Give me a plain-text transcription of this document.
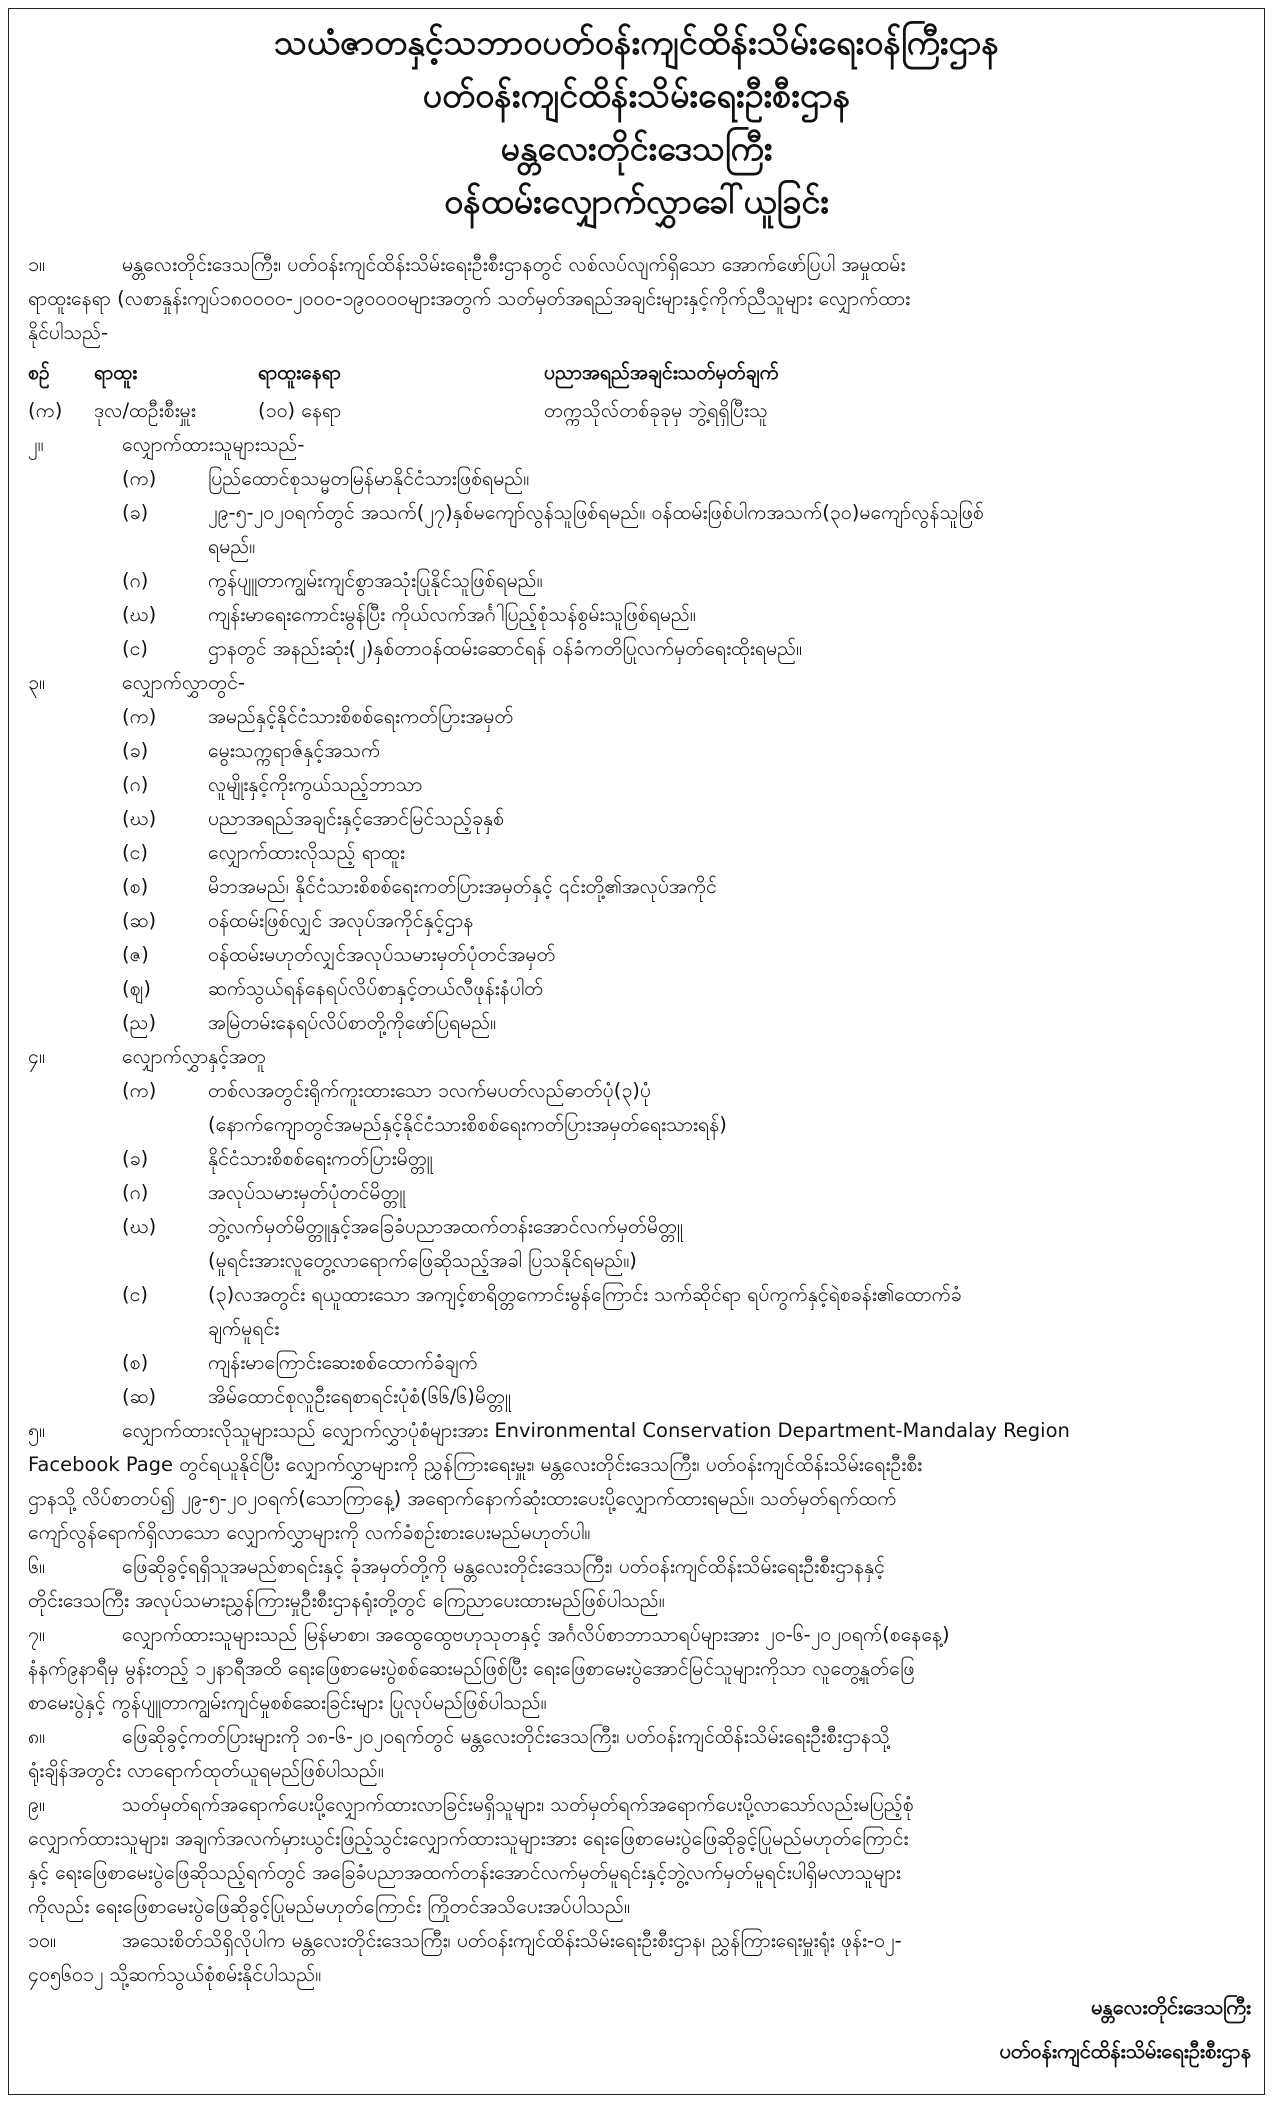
သယံဇာတနှင့်သဘာဝပတ်ဝန်းကျင်ထိန်းသိမ်းရေးဝန်ကြီးဌာန
ပတ်ဝန်းကျင်ထိန်းသိမ်းရေးဦးစီးဌာန
မန္တလေးတိုင်းဒေသကြီး
ဝန်ထမ်းလျှောက်လွှာခေါ်ယူခြင်း
၁။	မန္တလေးတိုင်းဒေသကြီး၊ ပတ်ဝန်းကျင်ထိန်းသိမ်းရေးဦးစီးဌာနတွင် လစ်လပ်လျက်ရှိသော အောက်ဖော်ပြပါ အမှုထမ်း
ရာထူးနေရာ (လစာနှုန်းကျပ်၁၈၀၀၀၀-၂၀၀၀-၁၉၀၀၀၀များအတွက် သတ်မှတ်အရည်အချင်းများနှင့်ကိုက်ညီသူများ လျှောက်ထား
နိုင်ပါသည်-
စဉ်	ရာထူး	ရာထူးနေရာ	ပညာအရည်အချင်းသတ်မှတ်ချက်
(က)	ဒုလ/ထဦးစီးမှူး	(၁၀) နေရာ	တက္ကသိုလ်တစ်ခုခုမှ ဘွဲ့ရရှိပြီးသူ
၂။	လျှောက်ထားသူများသည်-
(က)	ပြည်ထောင်စုသမ္မတမြန်မာနိုင်ငံသားဖြစ်ရမည်။
(ခ)	၂၉-၅-၂၀၂၀ရက်တွင် အသက်(၂၇)နှစ်မကျော်လွန်သူဖြစ်ရမည်။ ဝန်ထမ်းဖြစ်ပါကအသက်(၃၀)မကျော်လွန်သူဖြစ်
ရမည်။
(ဂ)	ကွန်ပျူတာကျွမ်းကျင်စွာအသုံးပြုနိုင်သူဖြစ်ရမည်။
(ဃ)	ကျန်းမာရေးကောင်းမွန်ပြီး ကိုယ်လက်အင်္ဂါပြည့်စုံသန်စွမ်းသူဖြစ်ရမည်။
(င)	ဌာနတွင် အနည်းဆုံး(၂)နှစ်တာဝန်ထမ်းဆောင်ရန် ဝန်ခံကတိပြုလက်မှတ်ရေးထိုးရမည်။
၃။	လျှောက်လွှာတွင်-
(က)	အမည်နှင့်နိုင်ငံသားစိစစ်ရေးကတ်ပြားအမှတ်
(ခ)	မွေးသက္ကရာဇ်နှင့်အသက်
(ဂ)	လူမျိုးနှင့်ကိုးကွယ်သည့်ဘာသာ
(ဃ)	ပညာအရည်အချင်းနှင့်အောင်မြင်သည့်ခုနှစ်
(င)	လျှောက်ထားလိုသည့် ရာထူး
(စ)	မိဘအမည်၊ နိုင်ငံသားစိစစ်ရေးကတ်ပြားအမှတ်နှင့် ၎င်းတို့၏အလုပ်အကိုင်
(ဆ)	ဝန်ထမ်းဖြစ်လျှင် အလုပ်အကိုင်နှင့်ဌာန
(ဇ)	ဝန်ထမ်းမဟုတ်လျှင်အလုပ်သမားမှတ်ပုံတင်အမှတ်
(ဈ)	ဆက်သွယ်ရန်နေရပ်လိပ်စာနှင့်တယ်လီဖုန်းနံပါတ်
(ည)	အမြဲတမ်းနေရပ်လိပ်စာတို့ကိုဖော်ပြရမည်။
၄။	လျှောက်လွှာနှင့်အတူ
(က)	တစ်လအတွင်းရိုက်ကူးထားသော ၁လက်မပတ်လည်ဓာတ်ပုံ(၃)ပုံ
(နောက်ကျောတွင်အမည်နှင့်နိုင်ငံသားစိစစ်ရေးကတ်ပြားအမှတ်ရေးသားရန်)
(ခ)	နိုင်ငံသားစိစစ်ရေးကတ်ပြားမိတ္တူ
(ဂ)	အလုပ်သမားမှတ်ပုံတင်မိတ္တူ
(ဃ)	ဘွဲ့လက်မှတ်မိတ္တူနှင့်အခြေခံပညာအထက်တန်းအောင်လက်မှတ်မိတ္တူ
(မူရင်းအားလူတွေ့လာရောက်ဖြေဆိုသည့်အခါ ပြသနိုင်ရမည်။)
(င)	(၃)လအတွင်း ရယူထားသော အကျင့်စာရိတ္တကောင်းမွန်ကြောင်း သက်ဆိုင်ရာ ရပ်ကွက်နှင့်ရဲစခန်း၏ထောက်ခံ
ချက်မူရင်း
(စ)	ကျန်းမာကြောင်းဆေးစစ်ထောက်ခံချက်
(ဆ)	အိမ်ထောင်စုလူဦးရေစာရင်းပုံစံ(၆၆/၆)မိတ္တူ
၅။	လျှောက်ထားလိုသူများသည် လျှောက်လွှာပုံစံများအား Environmental Conservation Department-Mandalay Region
Facebook Page တွင်ရယူနိုင်ပြီး လျှောက်လွှာများကို ညွှန်ကြားရေးမှူး၊ မန္တလေးတိုင်းဒေသကြီး၊ ပတ်ဝန်းကျင်ထိန်းသိမ်းရေးဦးစီး
ဌာနသို့ လိပ်စာတပ်၍ ၂၉-၅-၂၀၂၀ရက်(သောကြာနေ့) အရောက်နောက်ဆုံးထားပေးပို့လျှောက်ထားရမည်။ သတ်မှတ်ရက်ထက်
ကျော်လွန်ရောက်ရှိလာသော လျှောက်လွှာများကို လက်ခံစဉ်းစားပေးမည်မဟုတ်ပါ။
၆။	ဖြေဆိုခွင့်ရရှိသူအမည်စာရင်းနှင့် ခုံအမှတ်တို့ကို မန္တလေးတိုင်းဒေသကြီး၊ ပတ်ဝန်းကျင်ထိန်းသိမ်းရေးဦးစီးဌာနနှင့်
တိုင်းဒေသကြီး အလုပ်သမားညွှန်ကြားမှုဦးစီးဌာနရုံးတို့တွင် ကြေညာပေးထားမည်ဖြစ်ပါသည်။
၇။	လျှောက်ထားသူများသည် မြန်မာစာ၊ အထွေထွေဗဟုသုတနှင့် အင်္ဂလိပ်စာဘာသာရပ်များအား ၂၀-၆-၂၀၂၀ရက်(စနေနေ့)
နံနက်၉နာရီမှ မွန်းတည့် ၁၂နာရီအထိ ရေးဖြေစာမေးပွဲစစ်ဆေးမည်ဖြစ်ပြီး ရေးဖြေစာမေးပွဲအောင်မြင်သူများကိုသာ လူတွေ့နှုတ်ဖြေ
စာမေးပွဲနှင့် ကွန်ပျူတာကျွမ်းကျင်မှုစစ်ဆေးခြင်းများ ပြုလုပ်မည်ဖြစ်ပါသည်။
၈။	ဖြေဆိုခွင့်ကတ်ပြားများကို ၁၈-၆-၂၀၂၀ရက်တွင် မန္တလေးတိုင်းဒေသကြီး၊ ပတ်ဝန်းကျင်ထိန်းသိမ်းရေးဦးစီးဌာနသို့
ရုံးချိန်အတွင်း လာရောက်ထုတ်ယူရမည်ဖြစ်ပါသည်။
၉။	သတ်မှတ်ရက်အရောက်ပေးပို့လျှောက်ထားလာခြင်းမရှိသူများ၊ သတ်မှတ်ရက်အရောက်ပေးပို့လာသော်လည်းမပြည့်စုံ
လျှောက်ထားသူများ၊ အချက်အလက်မှားယွင်းဖြည့်သွင်းလျှောက်ထားသူများအား ရေးဖြေစာမေးပွဲဖြေဆိုခွင့်ပြုမည်မဟုတ်ကြောင်း
နှင့် ရေးဖြေစာမေးပွဲဖြေဆိုသည့်ရက်တွင် အခြေခံပညာအထက်တန်းအောင်လက်မှတ်မူရင်းနှင့်ဘွဲ့လက်မှတ်မူရင်းပါရှိမလာသူများ
ကိုလည်း ရေးဖြေစာမေးပွဲဖြေဆိုခွင့်ပြုမည်မဟုတ်ကြောင်း ကြိုတင်အသိပေးအပ်ပါသည်။
၁၀။	အသေးစိတ်သိရှိလိုပါက မန္တလေးတိုင်းဒေသကြီး၊ ပတ်ဝန်းကျင်ထိန်းသိမ်းရေးဦးစီးဌာန၊ ညွှန်ကြားရေးမှူးရုံး ဖုန်း-၀၂-
၄၀၅၆၀၁၂ သို့ဆက်သွယ်စုံစမ်းနိုင်ပါသည်။
မန္တလေးတိုင်းဒေသကြီး
ပတ်ဝန်းကျင်ထိန်းသိမ်းရေးဦးစီးဌာန
